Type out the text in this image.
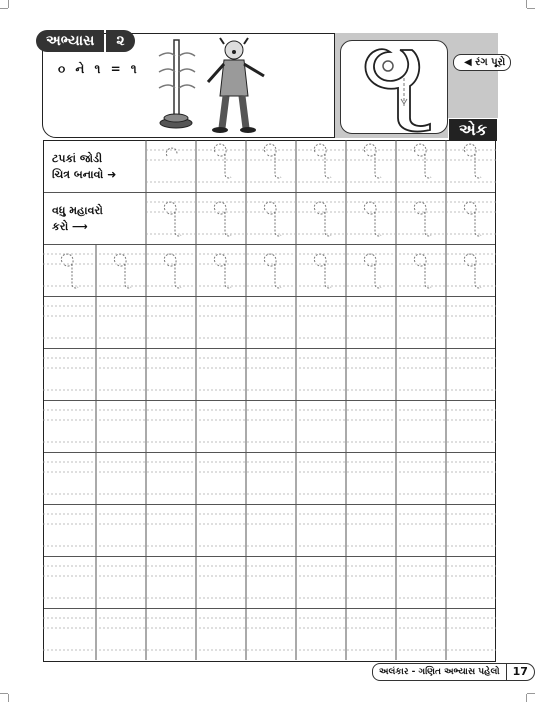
અભ્યાસ	૨
૦ ને ૧ = ૧	◀ રંગ પૂરો
એક
ટપકાં જોડી
ચિત્ર બનાવો ➜
વધુ મહાવરો
કરો ⟶
અલંકાર - ગણિત અભ્યાસ પહેલો	17
